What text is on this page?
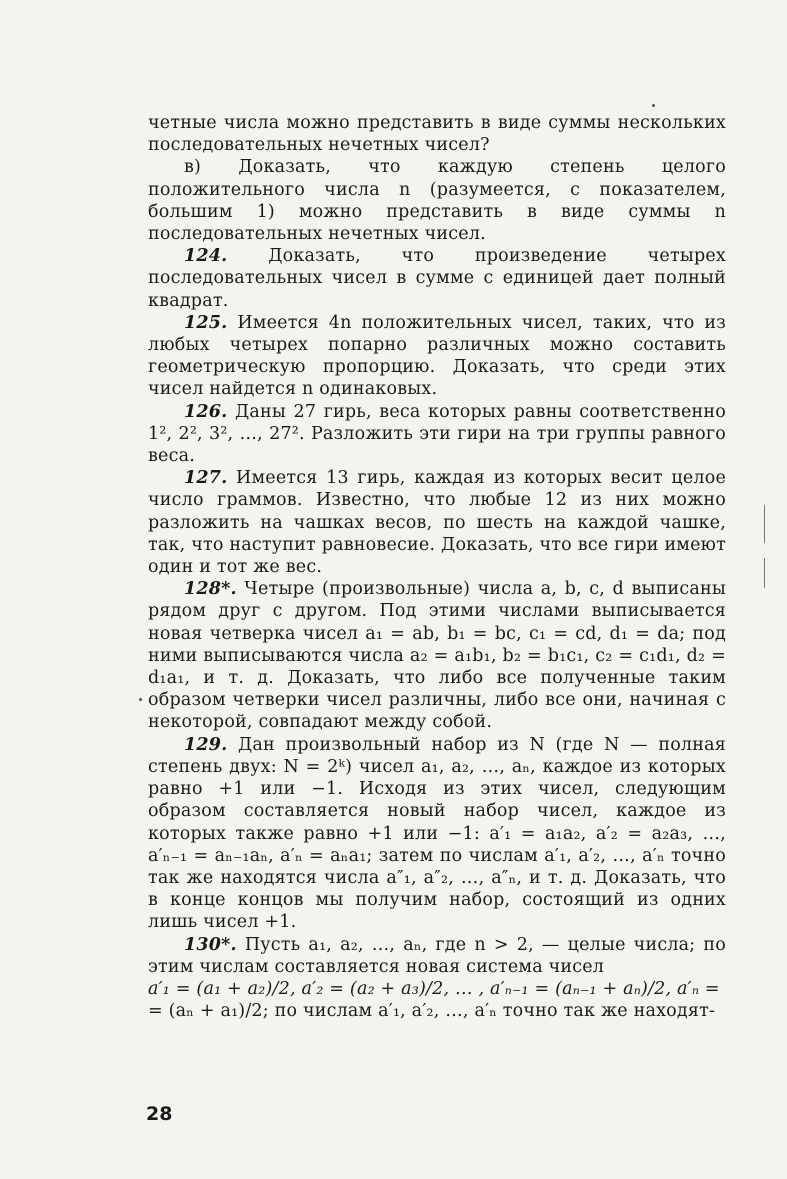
четные числа можно представить в виде суммы нескольких последовательных нечетных чисел?

в) Доказать, что каждую степень целого положительного числа n (разумеется, с показателем, большим 1) можно представить в виде суммы n последовательных нечетных чисел.

124. Доказать, что произведение четырех последовательных чисел в сумме с единицей дает полный квадрат.

125. Имеется 4n положительных чисел, таких, что из любых четырех попарно различных можно составить геометрическую пропорцию. Доказать, что среди этих чисел найдется n одинаковых.

126. Даны 27 гирь, веса которых равны соответственно 1², 2², 3², …, 27². Разложить эти гири на три группы равного веса.

127. Имеется 13 гирь, каждая из которых весит целое число граммов. Известно, что любые 12 из них можно разложить на чашках весов, по шесть на каждой чашке, так, что наступит равновесие. Доказать, что все гири имеют один и тот же вес.

128*. Четыре (произвольные) числа a, b, c, d выписаны рядом друг с другом. Под этими числами выписывается новая четверка чисел a₁ = ab, b₁ = bc, c₁ = cd, d₁ = da; под ними выписываются числа a₂ = a₁b₁, b₂ = b₁c₁, c₂ = c₁d₁, d₂ = d₁a₁, и т. д. Доказать, что либо все полученные таким образом четверки чисел различны, либо все они, начиная с некоторой, совпадают между собой.

129. Дан произвольный набор из N (где N — полная степень двух: N = 2ᵏ) чисел a₁, a₂, …, aₙ, каждое из которых равно +1 или −1. Исходя из этих чисел, следующим образом составляется новый набор чисел, каждое из которых также равно +1 или −1: a′₁ = a₁a₂, a′₂ = a₂a₃, …, a′ₙ₋₁ = aₙ₋₁aₙ, a′ₙ = aₙa₁; затем по числам a′₁, a′₂, …, a′ₙ точно так же находятся числа a″₁, a″₂, …, a″ₙ, и т. д. Доказать, что в конце концов мы получим набор, состоящий из одних лишь чисел +1.

130*. Пусть a₁, a₂, …, aₙ, где n > 2, — целые числа; по этим числам составляется новая система чисел

a′₁ = (a₁ + a₂)/2, a′₂ = (a₂ + a₃)/2, … , a′ₙ₋₁ = (aₙ₋₁ + aₙ)/2, a′ₙ =

= (aₙ + a₁)/2; по числам a′₁, a′₂, …, a′ₙ точно так же находят-

28
